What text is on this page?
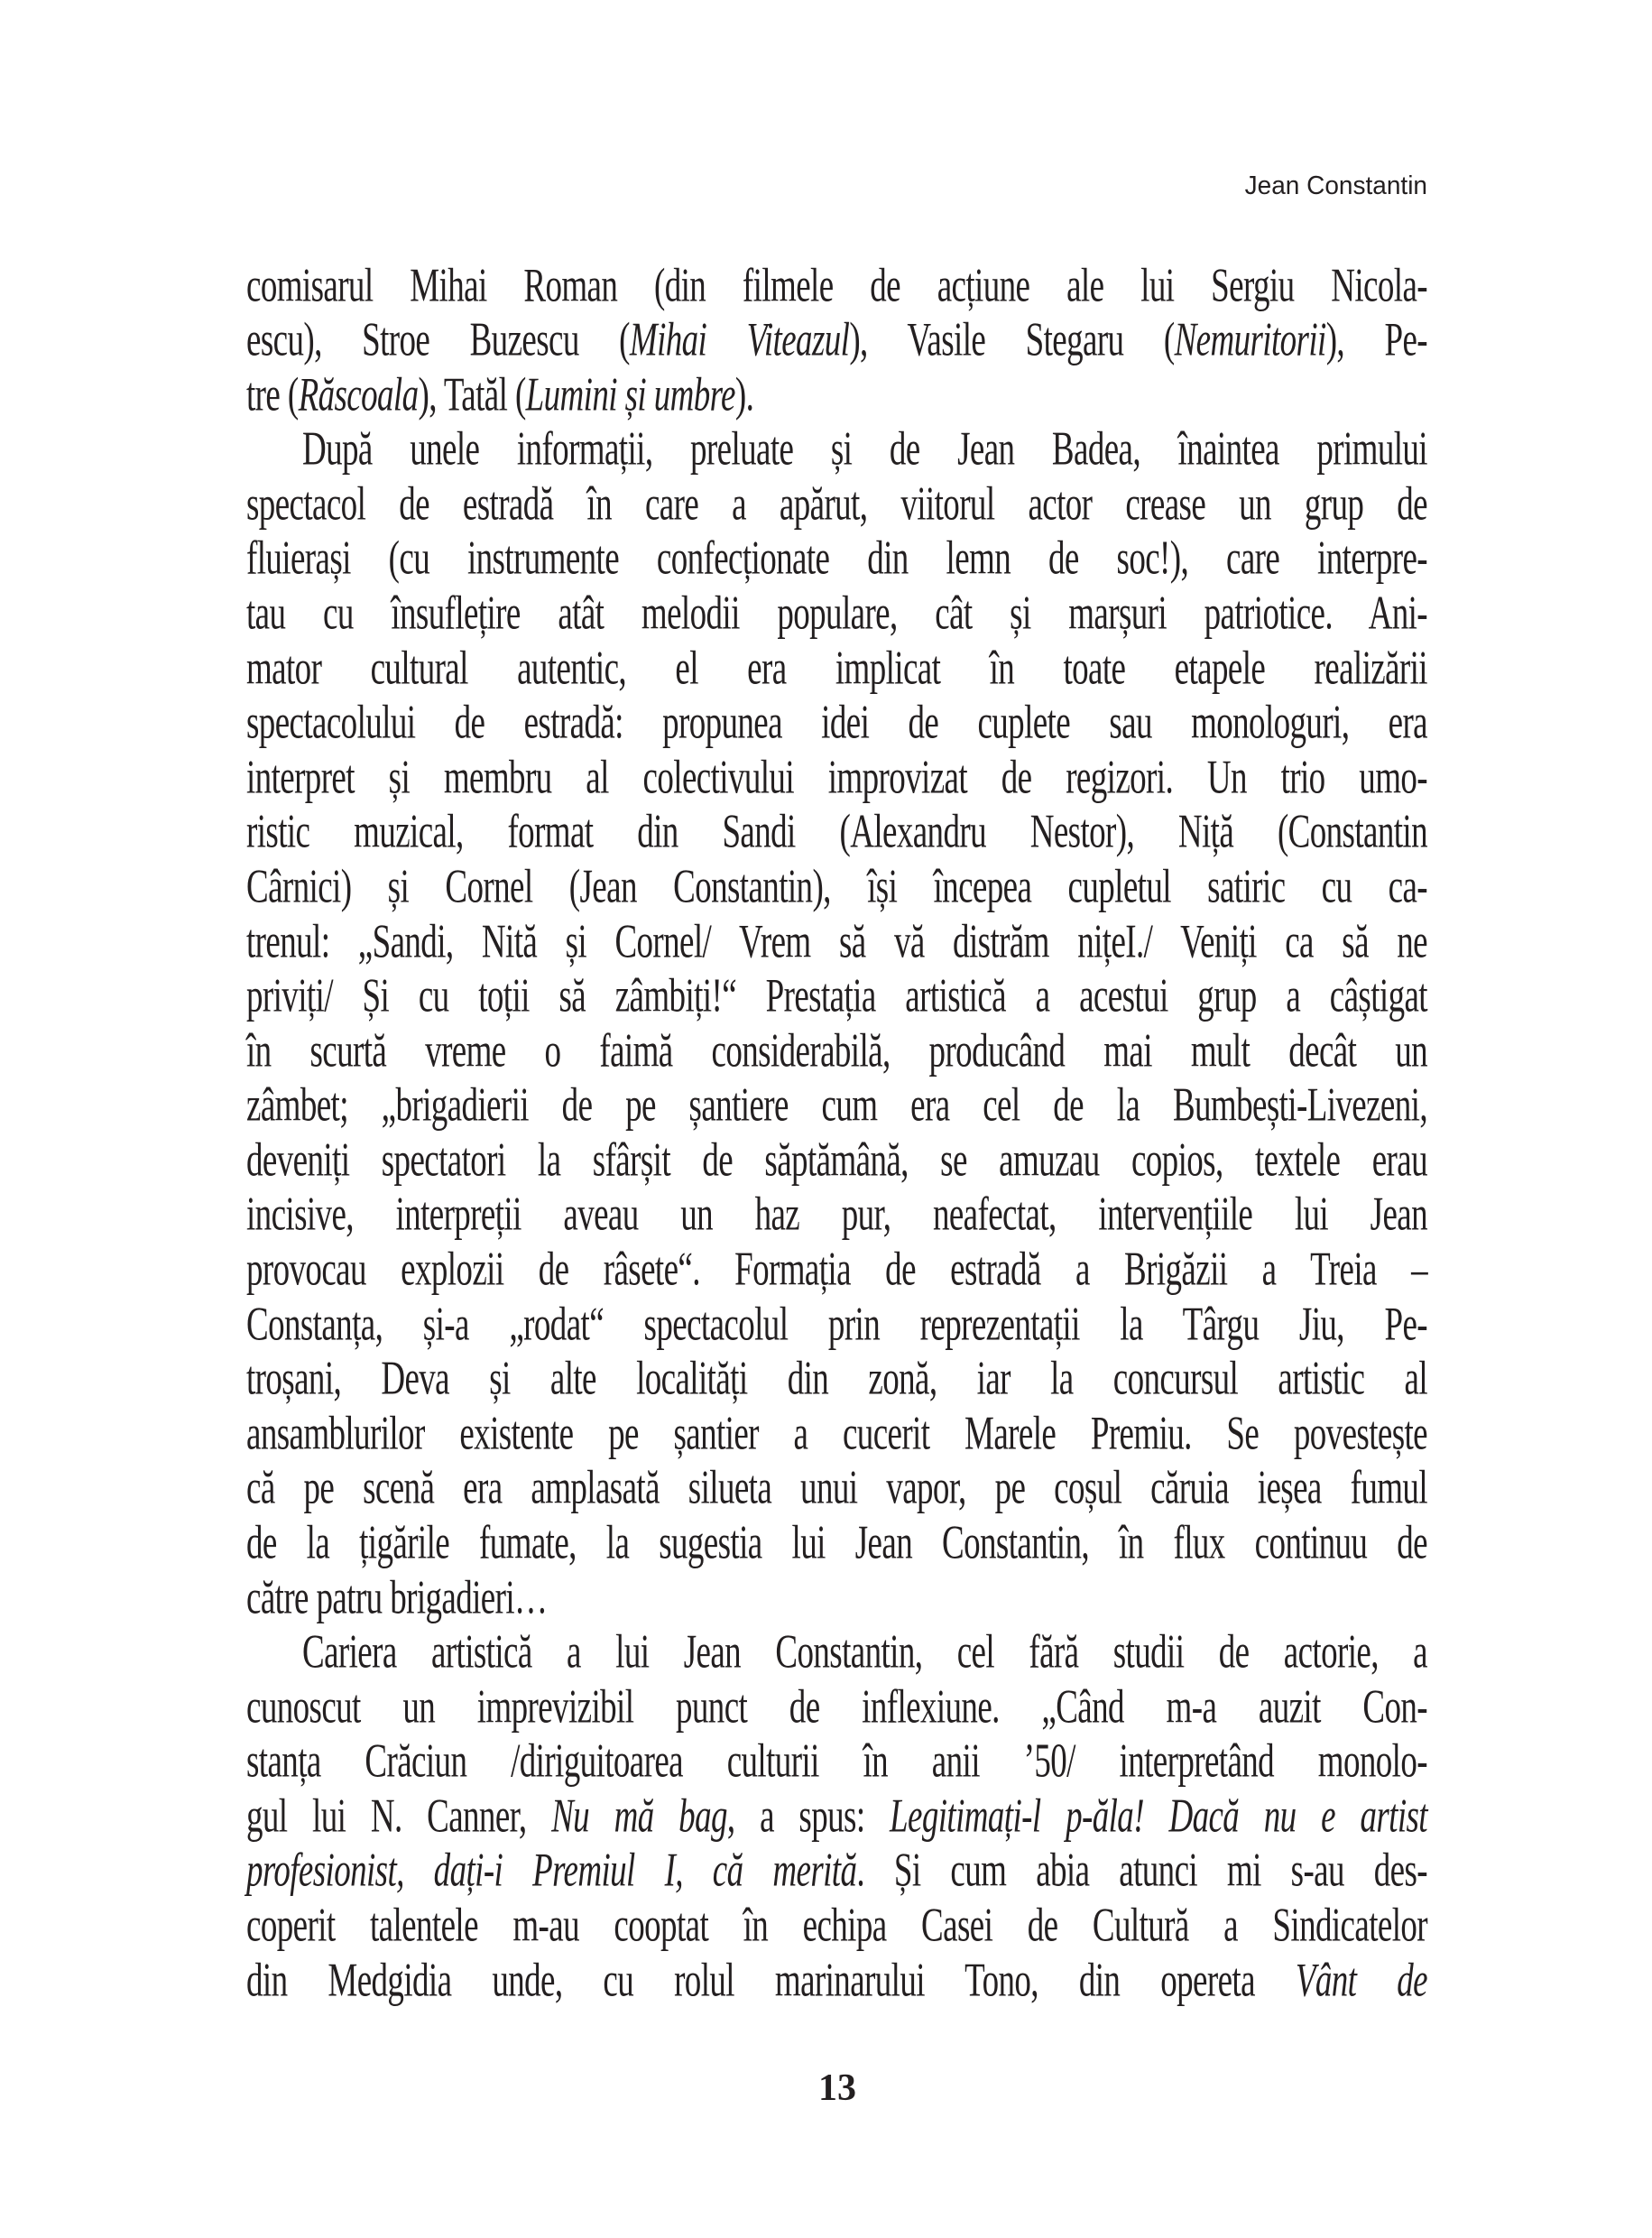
Jean Constantin
comisarul Mihai Roman (din filmele de acțiune ale lui Sergiu Nicola-
escu), Stroe Buzescu (Mihai Viteazul), Vasile Stegaru (Nemuritorii), Pe-
tre (Răscoala), Tatăl (Lumini și umbre).
După unele informații, preluate și de Jean Badea, înaintea primului
spectacol de estradă în care a apărut, viitorul actor crease un grup de
fluierași (cu instrumente confecționate din lemn de soc!), care interpre-
tau cu însuflețire atât melodii populare, cât și marșuri patriotice. Ani-
mator cultural autentic, el era implicat în toate etapele realizării
spectacolului de estradă: propunea idei de cuplete sau monologuri, era
interpret și membru al colectivului improvizat de regizori. Un trio umo-
ristic muzical, format din Sandi (Alexandru Nestor), Niță (Constantin
Cârnici) și Cornel (Jean Constantin), își începea cupletul satiric cu ca-
trenul: „Sandi, Nită și Cornel/ Vrem să vă distrăm nițeI./ Veniți ca să ne
priviți/ Și cu toții să zâmbiți!“ Prestația artistică a acestui grup a câștigat
în scurtă vreme o faimă considerabilă, producând mai mult decât un
zâmbet; „brigadierii de pe șantiere cum era cel de la Bumbești-Livezeni,
deveniți spectatori la sfârșit de săptămână, se amuzau copios, textele erau
incisive, interpreții aveau un haz pur, neafectat, intervențiile lui Jean
provocau explozii de râsete“. Formația de estradă a Brigăzii a Treia –
Constanța, și-a „rodat“ spectacolul prin reprezentații la Târgu Jiu, Pe-
troșani, Deva și alte localități din zonă, iar la concursul artistic al
ansamblurilor existente pe șantier a cucerit Marele Premiu. Se povestește
că pe scenă era amplasată silueta unui vapor, pe coșul căruia ieșea fumul
de la țigările fumate, la sugestia lui Jean Constantin, în flux continuu de
către patru brigadieri…
Cariera artistică a lui Jean Constantin, cel fără studii de actorie, a
cunoscut un imprevizibil punct de inflexiune. „Când m-a auzit Con-
stanța Crăciun /diriguitoarea culturii în anii ’50/ interpretând monolo-
gul lui N. Canner, Nu mă bag, a spus: Legitimați-l p-ăla! Dacă nu e artist
profesionist, dați-i Premiul I, că merită. Și cum abia atunci mi s-au des-
coperit talentele m-au cooptat în echipa Casei de Cultură a Sindicatelor
din Medgidia unde, cu rolul marinarului Tono, din opereta Vânt de
13
